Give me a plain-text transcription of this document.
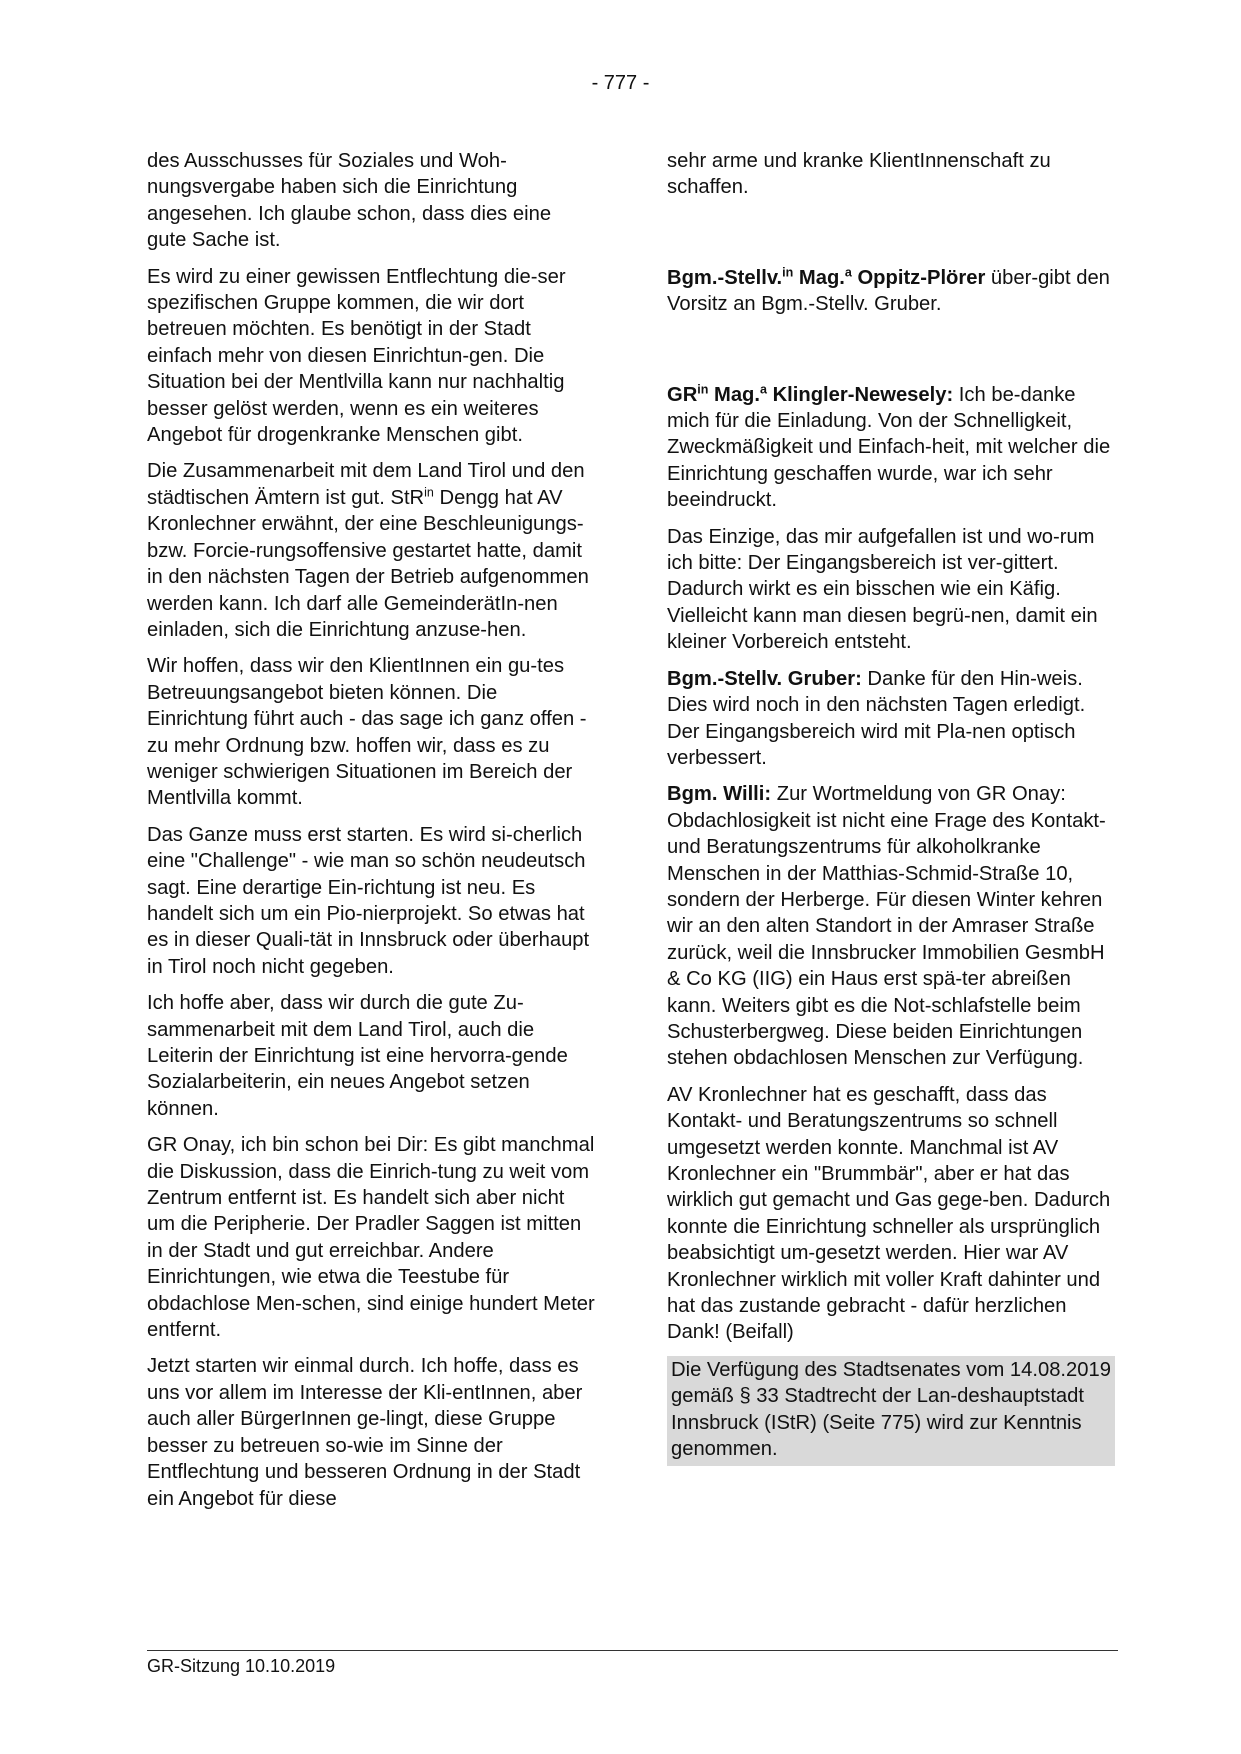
- 777 -

des Ausschusses für Soziales und Woh-nungsvergabe haben sich die Einrichtung angesehen. Ich glaube schon, dass dies eine gute Sache ist.

Es wird zu einer gewissen Entflechtung die-ser spezifischen Gruppe kommen, die wir dort betreuen möchten. Es benötigt in der Stadt einfach mehr von diesen Einrichtun-gen. Die Situation bei der Mentlvilla kann nur nachhaltig besser gelöst werden, wenn es ein weiteres Angebot für drogenkranke Menschen gibt.

Die Zusammenarbeit mit dem Land Tirol und den städtischen Ämtern ist gut. StR$^{in}$ Dengg hat AV Kronlechner erwähnt, der eine Beschleunigungs- bzw. Forcie-rungsoffensive gestartet hatte, damit in den nächsten Tagen der Betrieb aufgenommen werden kann. Ich darf alle GemeinderätIn-nen einladen, sich die Einrichtung anzuse-hen.

Wir hoffen, dass wir den KlientInnen ein gu-tes Betreuungsangebot bieten können. Die Einrichtung führt auch - das sage ich ganz offen - zu mehr Ordnung bzw. hoffen wir, dass es zu weniger schwierigen Situationen im Bereich der Mentlvilla kommt.

Das Ganze muss erst starten. Es wird si-cherlich eine "Challenge" - wie man so schön neudeutsch sagt. Eine derartige Ein-richtung ist neu. Es handelt sich um ein Pio-nierprojekt. So etwas hat es in dieser Quali-tät in Innsbruck oder überhaupt in Tirol noch nicht gegeben.

Ich hoffe aber, dass wir durch die gute Zu-sammenarbeit mit dem Land Tirol, auch die Leiterin der Einrichtung ist eine hervorra-gende Sozialarbeiterin, ein neues Angebot setzen können.

GR Onay, ich bin schon bei Dir: Es gibt manchmal die Diskussion, dass die Einrich-tung zu weit vom Zentrum entfernt ist. Es handelt sich aber nicht um die Peripherie. Der Pradler Saggen ist mitten in der Stadt und gut erreichbar. Andere Einrichtungen, wie etwa die Teestube für obdachlose Men-schen, sind einige hundert Meter entfernt.

Jetzt starten wir einmal durch. Ich hoffe, dass es uns vor allem im Interesse der Kli-entInnen, aber auch aller BürgerInnen ge-lingt, diese Gruppe besser zu betreuen so-wie im Sinne der Entflechtung und besseren Ordnung in der Stadt ein Angebot für diese

sehr arme und kranke KlientInnenschaft zu schaffen.

Bgm.-Stellv.$^{in}$ Mag.$^a$ Oppitz-Plörer über-gibt den Vorsitz an Bgm.-Stellv. Gruber.

$GR^{in}$ Mag.$^a$ Klingler-Newesely: Ich be-danke mich für die Einladung. Von der Schnelligkeit, Zweckmäßigkeit und Einfach-heit, mit welcher die Einrichtung geschaffen wurde, war ich sehr beeindruckt.

Das Einzige, das mir aufgefallen ist und wo-rum ich bitte: Der Eingangsbereich ist ver-gittert. Dadurch wirkt es ein bisschen wie ein Käfig. Vielleicht kann man diesen begrü-nen, damit ein kleiner Vorbereich entsteht.

Bgm.-Stellv. Gruber: Danke für den Hin-weis. Dies wird noch in den nächsten Tagen erledigt. Der Eingangsbereich wird mit Pla-nen optisch verbessert.

Bgm. Willi: Zur Wortmeldung von GR Onay: Obdachlosigkeit ist nicht eine Frage des Kontakt- und Beratungszentrums für alkoholkranke Menschen in der Matthias-Schmid-Straße 10, sondern der Herberge. Für diesen Winter kehren wir an den alten Standort in der Amraser Straße zurück, weil die Innsbrucker Immobilien GesmbH & Co KG (IIG) ein Haus erst spä-ter abreißen kann. Weiters gibt es die Not-schlafstelle beim Schusterbergweg. Diese beiden Einrichtungen stehen obdachlosen Menschen zur Verfügung.

AV Kronlechner hat es geschafft, dass das Kontakt- und Beratungszentrums so schnell umgesetzt werden konnte. Manchmal ist AV Kronlechner ein "Brummbär", aber er hat das wirklich gut gemacht und Gas gege-ben. Dadurch konnte die Einrichtung schneller als ursprünglich beabsichtigt um-gesetzt werden. Hier war AV Kronlechner wirklich mit voller Kraft dahinter und hat das zustande gebracht - dafür herzlichen Dank! (Beifall)

Die Verfügung des Stadtsenates vom 14.08.2019 gemäß § 33 Stadtrecht der Lan-deshauptstadt Innsbruck (IStR) (Seite 775) wird zur Kenntnis genommen.

GR-Sitzung 10.10.2019
